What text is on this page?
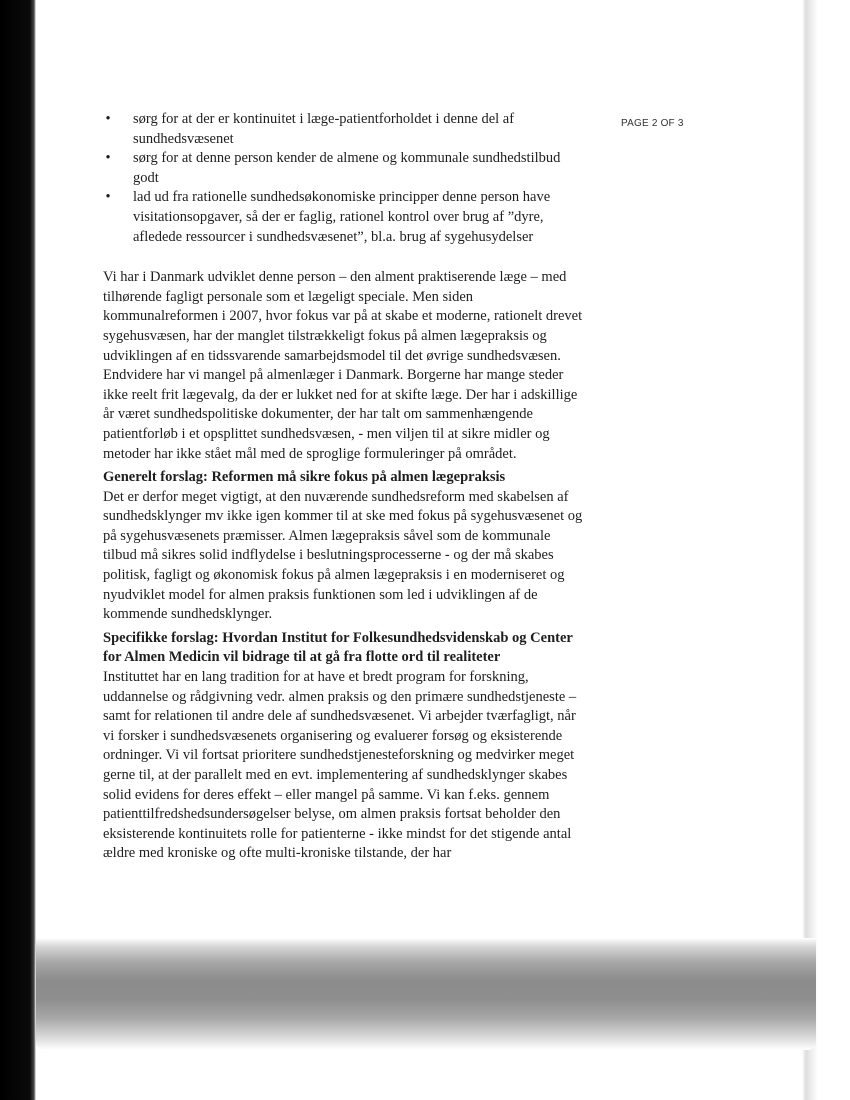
PAGE 2 OF 3
• sørg for at der er kontinuitet i læge-patientforholdet i denne del af sundhedsvæsenet
• sørg for at denne person kender de almene og kommunale sundhedstilbud godt
• lad ud fra rationelle sundhedsøkonomiske principper denne person have visitationsopgaver, så der er faglig, rationel kontrol over brug af ”dyre, afledede ressourcer i sundhedsvæsenet”, bl.a. brug af sygehusydelser

Vi har i Danmark udviklet denne person – den alment praktiserende læge – med tilhørende fagligt personale som et lægeligt speciale. Men siden kommunalreformen i 2007, hvor fokus var på at skabe et moderne, rationelt drevet sygehusvæsen, har der manglet tilstrækkeligt fokus på almen lægepraksis og udviklingen af en tidssvarende samarbejdsmodel til det øvrige sundhedsvæsen. Endvidere har vi mangel på almenlæger i Danmark. Borgerne har mange steder ikke reelt frit lægevalg, da der er lukket ned for at skifte læge. Der har i adskillige år været sundhedspolitiske dokumenter, der har talt om sammenhængende patientforløb i et opsplittet sundhedsvæsen, - men viljen til at sikre midler og metoder har ikke stået mål med de sproglige formuleringer på området.

Generelt forslag: Reformen må sikre fokus på almen lægepraksis

Det er derfor meget vigtigt, at den nuværende sundhedsreform med skabelsen af sundhedsklynger mv ikke igen kommer til at ske med fokus på sygehusvæsenet og på sygehusvæsenets præmisser. Almen lægepraksis såvel som de kommunale tilbud må sikres solid indflydelse i beslutningsprocesserne - og der må skabes politisk, fagligt og økonomisk fokus på almen lægepraksis i en moderniseret og nyudviklet model for almen praksis funktionen som led i udviklingen af de kommende sundhedsklynger.

Specifikke forslag: Hvordan Institut for Folkesundhedsvidenskab og Center for Almen Medicin vil bidrage til at gå fra flotte ord til realiteter

Instituttet har en lang tradition for at have et bredt program for forskning, uddannelse og rådgivning vedr. almen praksis og den primære sundhedstjeneste – samt for relationen til andre dele af sundhedsvæsenet. Vi arbejder tværfagligt, når vi forsker i sundhedsvæsenets organisering og evaluerer forsøg og eksisterende ordninger. Vi vil fortsat prioritere sundhedstjenesteforskning og medvirker meget gerne til, at der parallelt med en evt. implementering af sundhedsklynger skabes solid evidens for deres effekt – eller mangel på samme. Vi kan f.eks. gennem patienttilfredshedsundersøgelser belyse, om almen praksis fortsat beholder den eksisterende kontinuitets rolle for patienterne - ikke mindst for det stigende antal ældre med kroniske og ofte multi-kroniske tilstande, der har
